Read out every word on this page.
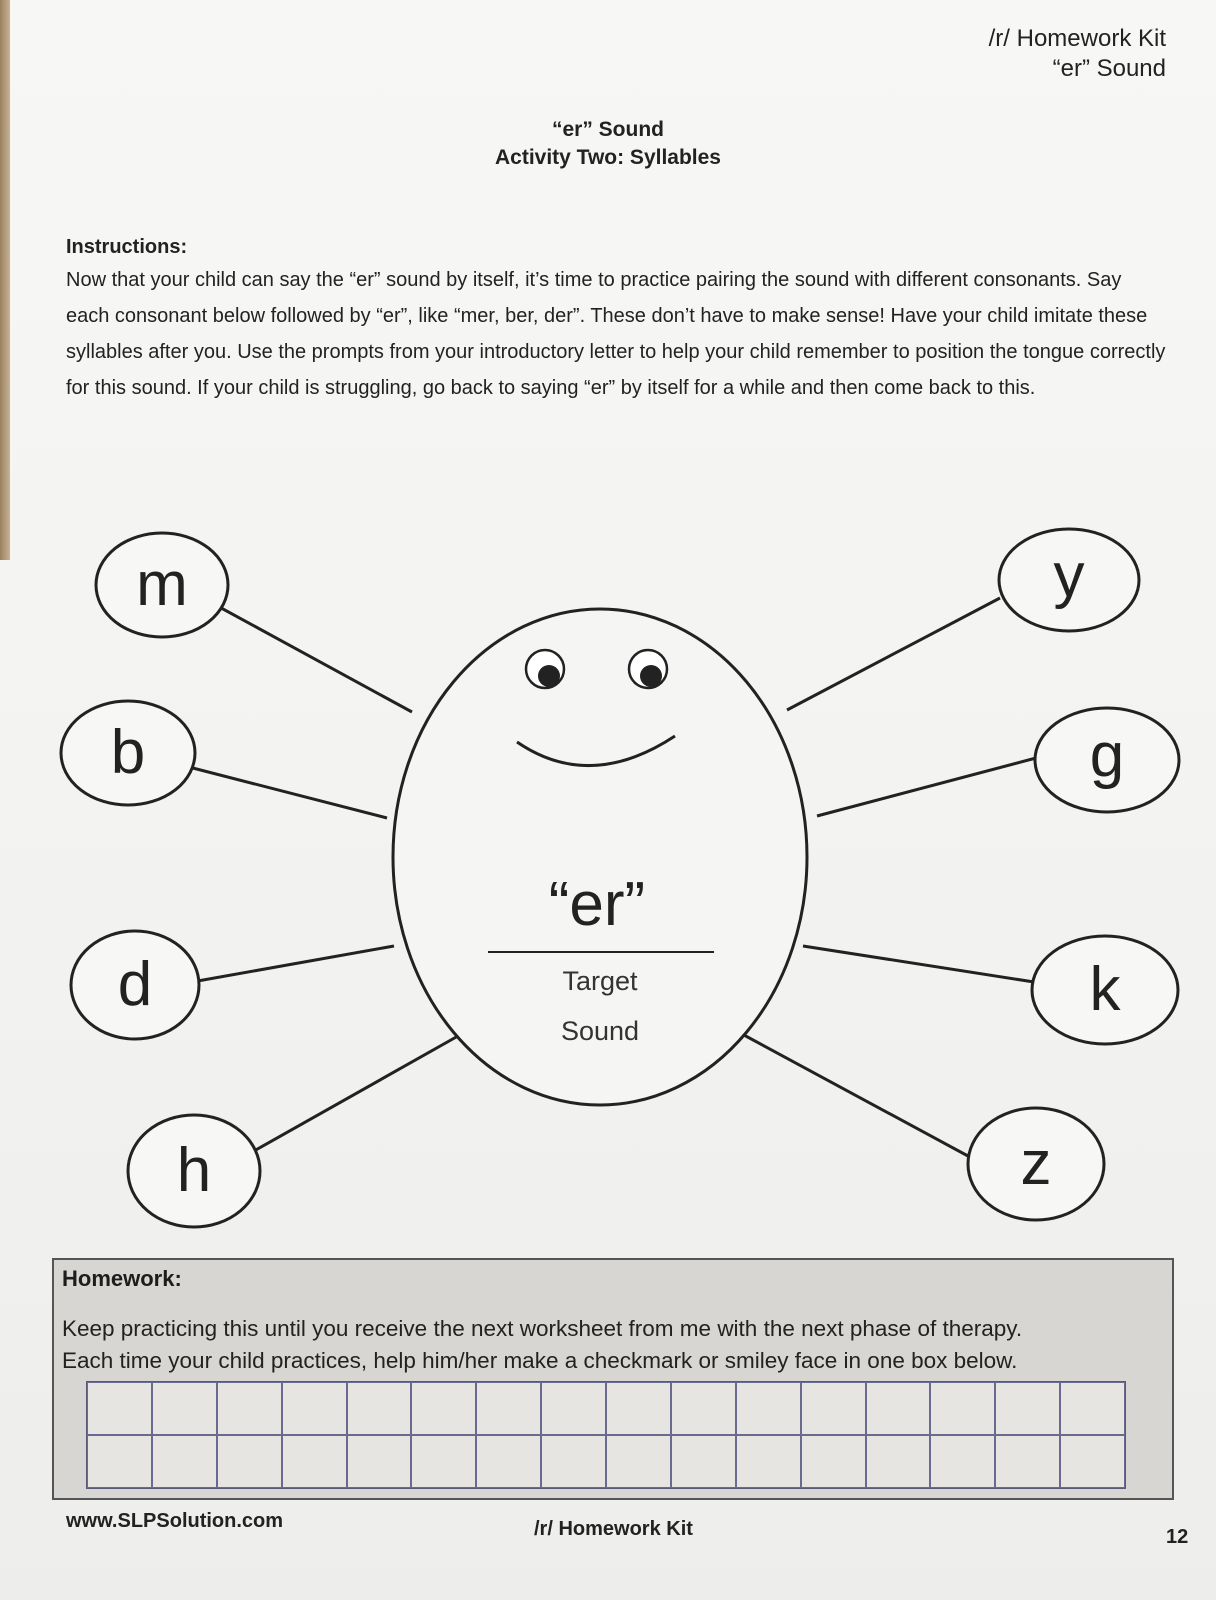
/r/ Homework Kit
“er” Sound
“er” Sound
Activity Two: Syllables
Instructions:
Now that your child can say the “er” sound by itself, it’s time to practice pairing the sound with different consonants. Say each consonant below followed by “er”, like “mer, ber, der”. These don’t have to make sense! Have your child imitate these syllables after you. Use the prompts from your introductory letter to help your child remember to position the tongue correctly for this sound. If your child is struggling, go back to saying “er” by itself for a while and then come back to this.
“er”
Target
Sound
m
b
d
h
y
g
k
z
Homework:
Keep practicing this until you receive the next worksheet from me with the next phase of therapy.
Each time your child practices, help him/her make a checkmark or smiley face in one box below.
www.SLPSolution.com	/r/ Homework Kit	12
